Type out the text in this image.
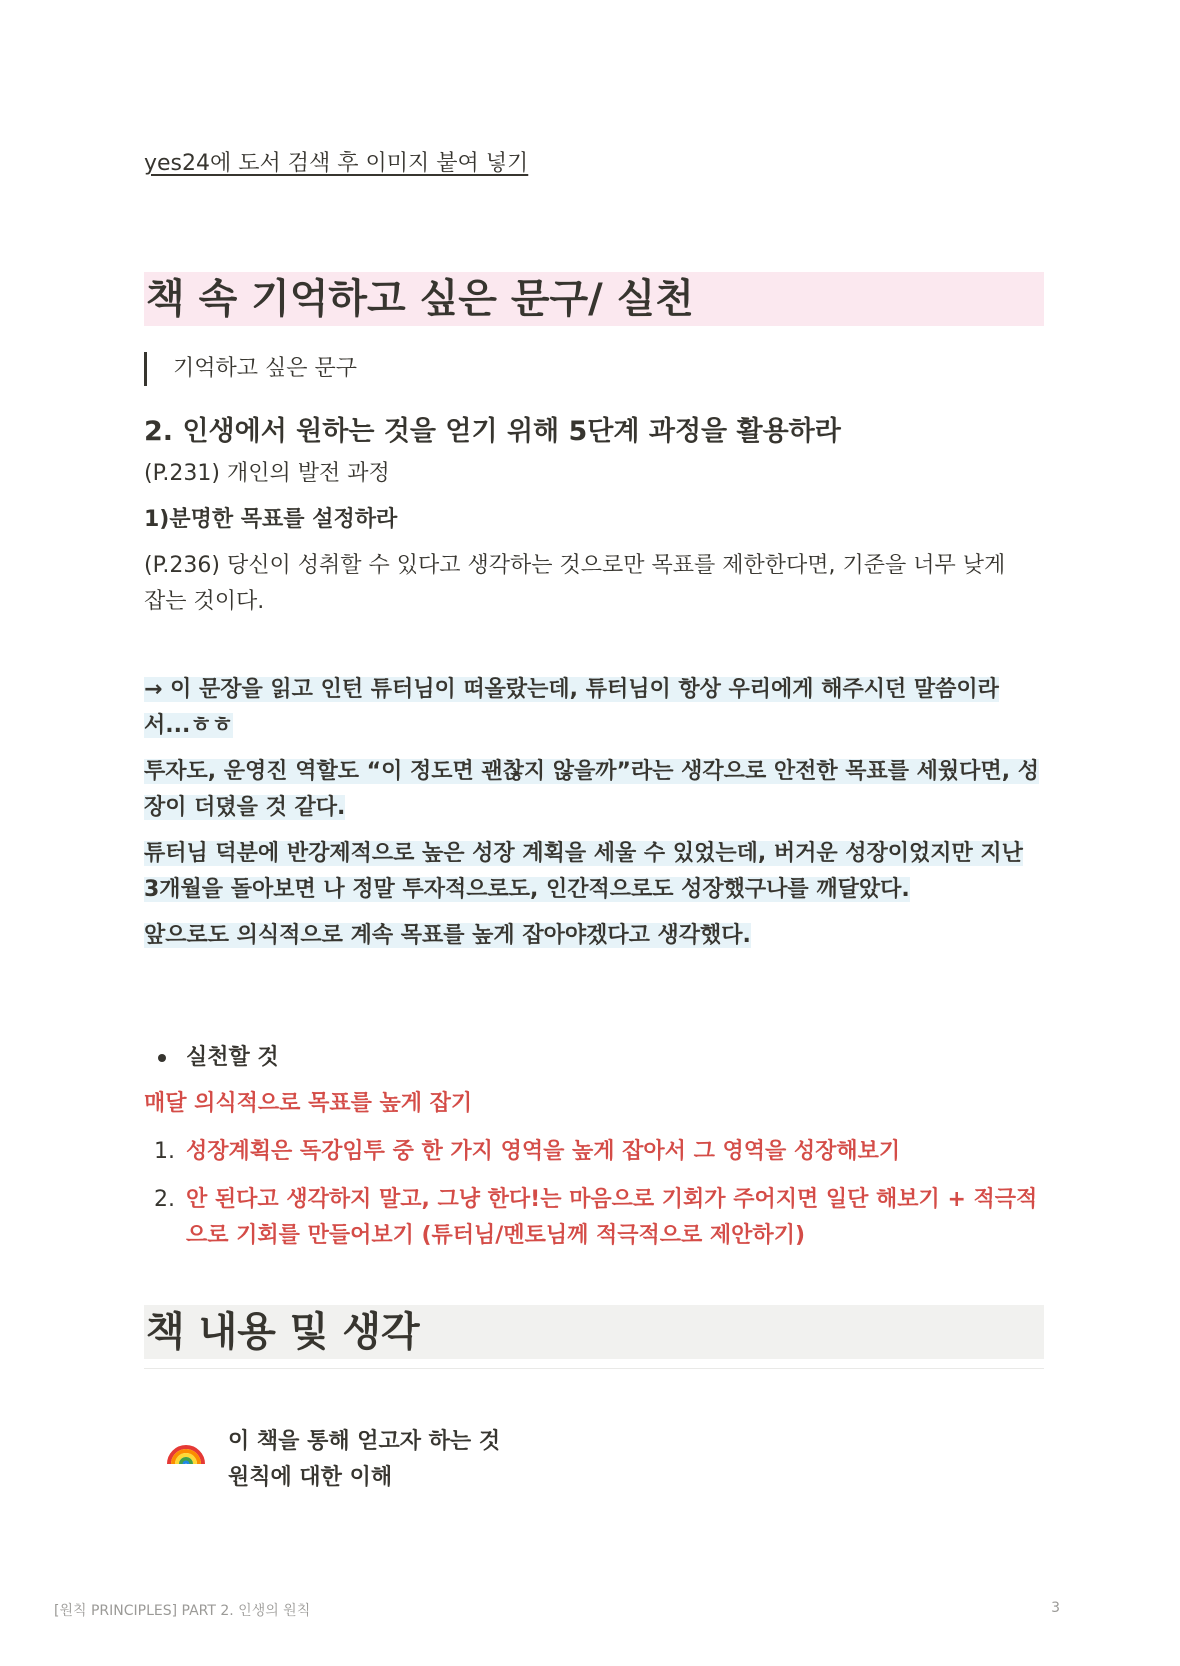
yes24에 도서 검색 후 이미지 붙여 넣기
책 속 기억하고 싶은 문구/ 실천
기억하고 싶은 문구
2. 인생에서 원하는 것을 얻기 위해 5단계 과정을 활용하라
(P.231) 개인의 발전 과정
1)분명한 목표를 설정하라
(P.236) 당신이 성취할 수 있다고 생각하는 것으로만 목표를 제한한다면, 기준을 너무 낮게
잡는 것이다.
→ 이 문장을 읽고 인턴 튜터님이 떠올랐는데, 튜터님이 항상 우리에게 해주시던 말씀이라
서...ㅎㅎ
투자도, 운영진 역할도 “이 정도면 괜찮지 않을까”라는 생각으로 안전한 목표를 세웠다면, 성
장이 더뎠을 것 같다.
튜터님 덕분에 반강제적으로 높은 성장 계획을 세울 수 있었는데, 버거운 성장이었지만 지난
3개월을 돌아보면 나 정말 투자적으로도, 인간적으로도 성장했구나를 깨달았다.
앞으로도 의식적으로 계속 목표를 높게 잡아야겠다고 생각했다.
실천할 것
매달 의식적으로 목표를 높게 잡기
1. 성장계획은 독강임투 중 한 가지 영역을 높게 잡아서 그 영역을 성장해보기
2. 안 된다고 생각하지 말고, 그냥 한다!는 마음으로 기회가 주어지면 일단 해보기 + 적극적
으로 기회를 만들어보기 (튜터님/멘토님께 적극적으로 제안하기)
책 내용 및 생각
이 책을 통해 얻고자 하는 것
원칙에 대한 이해
[원칙 PRINCIPLES] PART 2. 인생의 원칙	3
